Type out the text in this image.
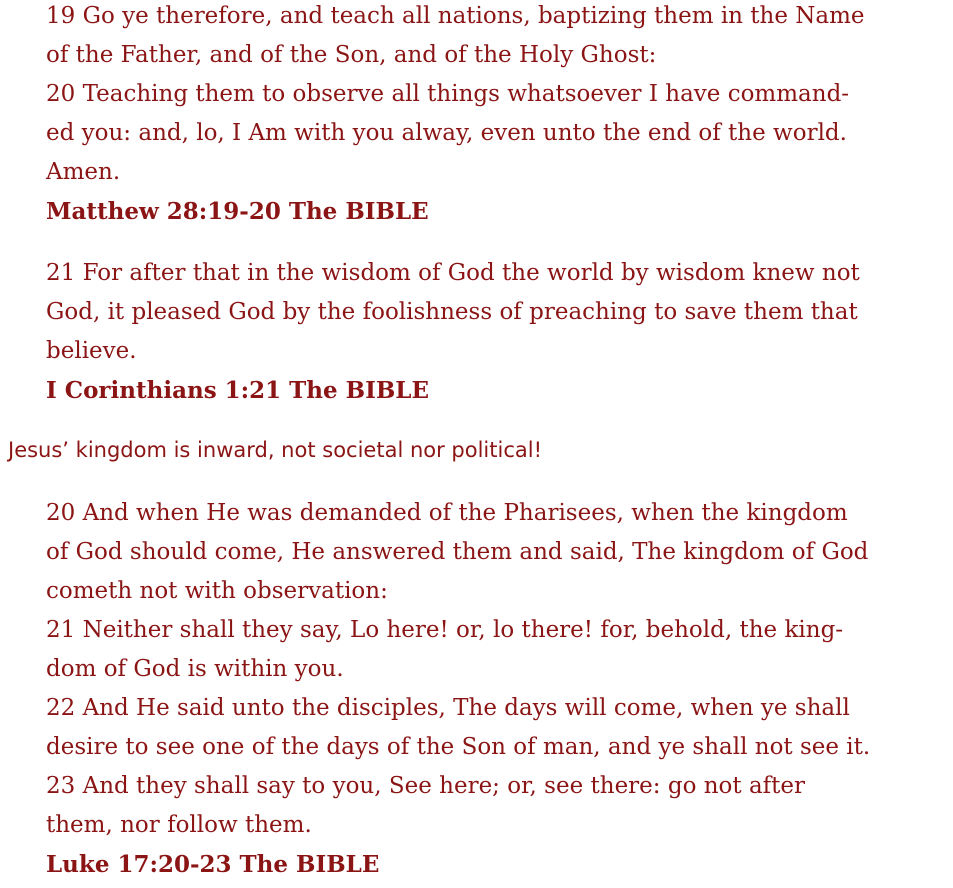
19 Go ye therefore, and teach all nations, baptizing them in the Name
of the Father, and of the Son, and of the Holy Ghost:
20 Teaching them to observe all things whatsoever I have command-
ed you: and, lo, I Am with you alway, even unto the end of the world.
Amen.
Matthew 28:19-20 The BIBLE
21 For after that in the wisdom of God the world by wisdom knew not
God, it pleased God by the foolishness of preaching to save them that
believe.
I Corinthians 1:21 The BIBLE
Jesus’ kingdom is inward, not societal nor political!
20 And when He was demanded of the Pharisees, when the kingdom
of God should come, He answered them and said, The kingdom of God
cometh not with observation:
21 Neither shall they say, Lo here! or, lo there! for, behold, the king-
dom of God is within you.
22 And He said unto the disciples, The days will come, when ye shall
desire to see one of the days of the Son of man, and ye shall not see it.
23 And they shall say to you, See here; or, see there: go not after
them, nor follow them.
Luke 17:20-23 The BIBLE
